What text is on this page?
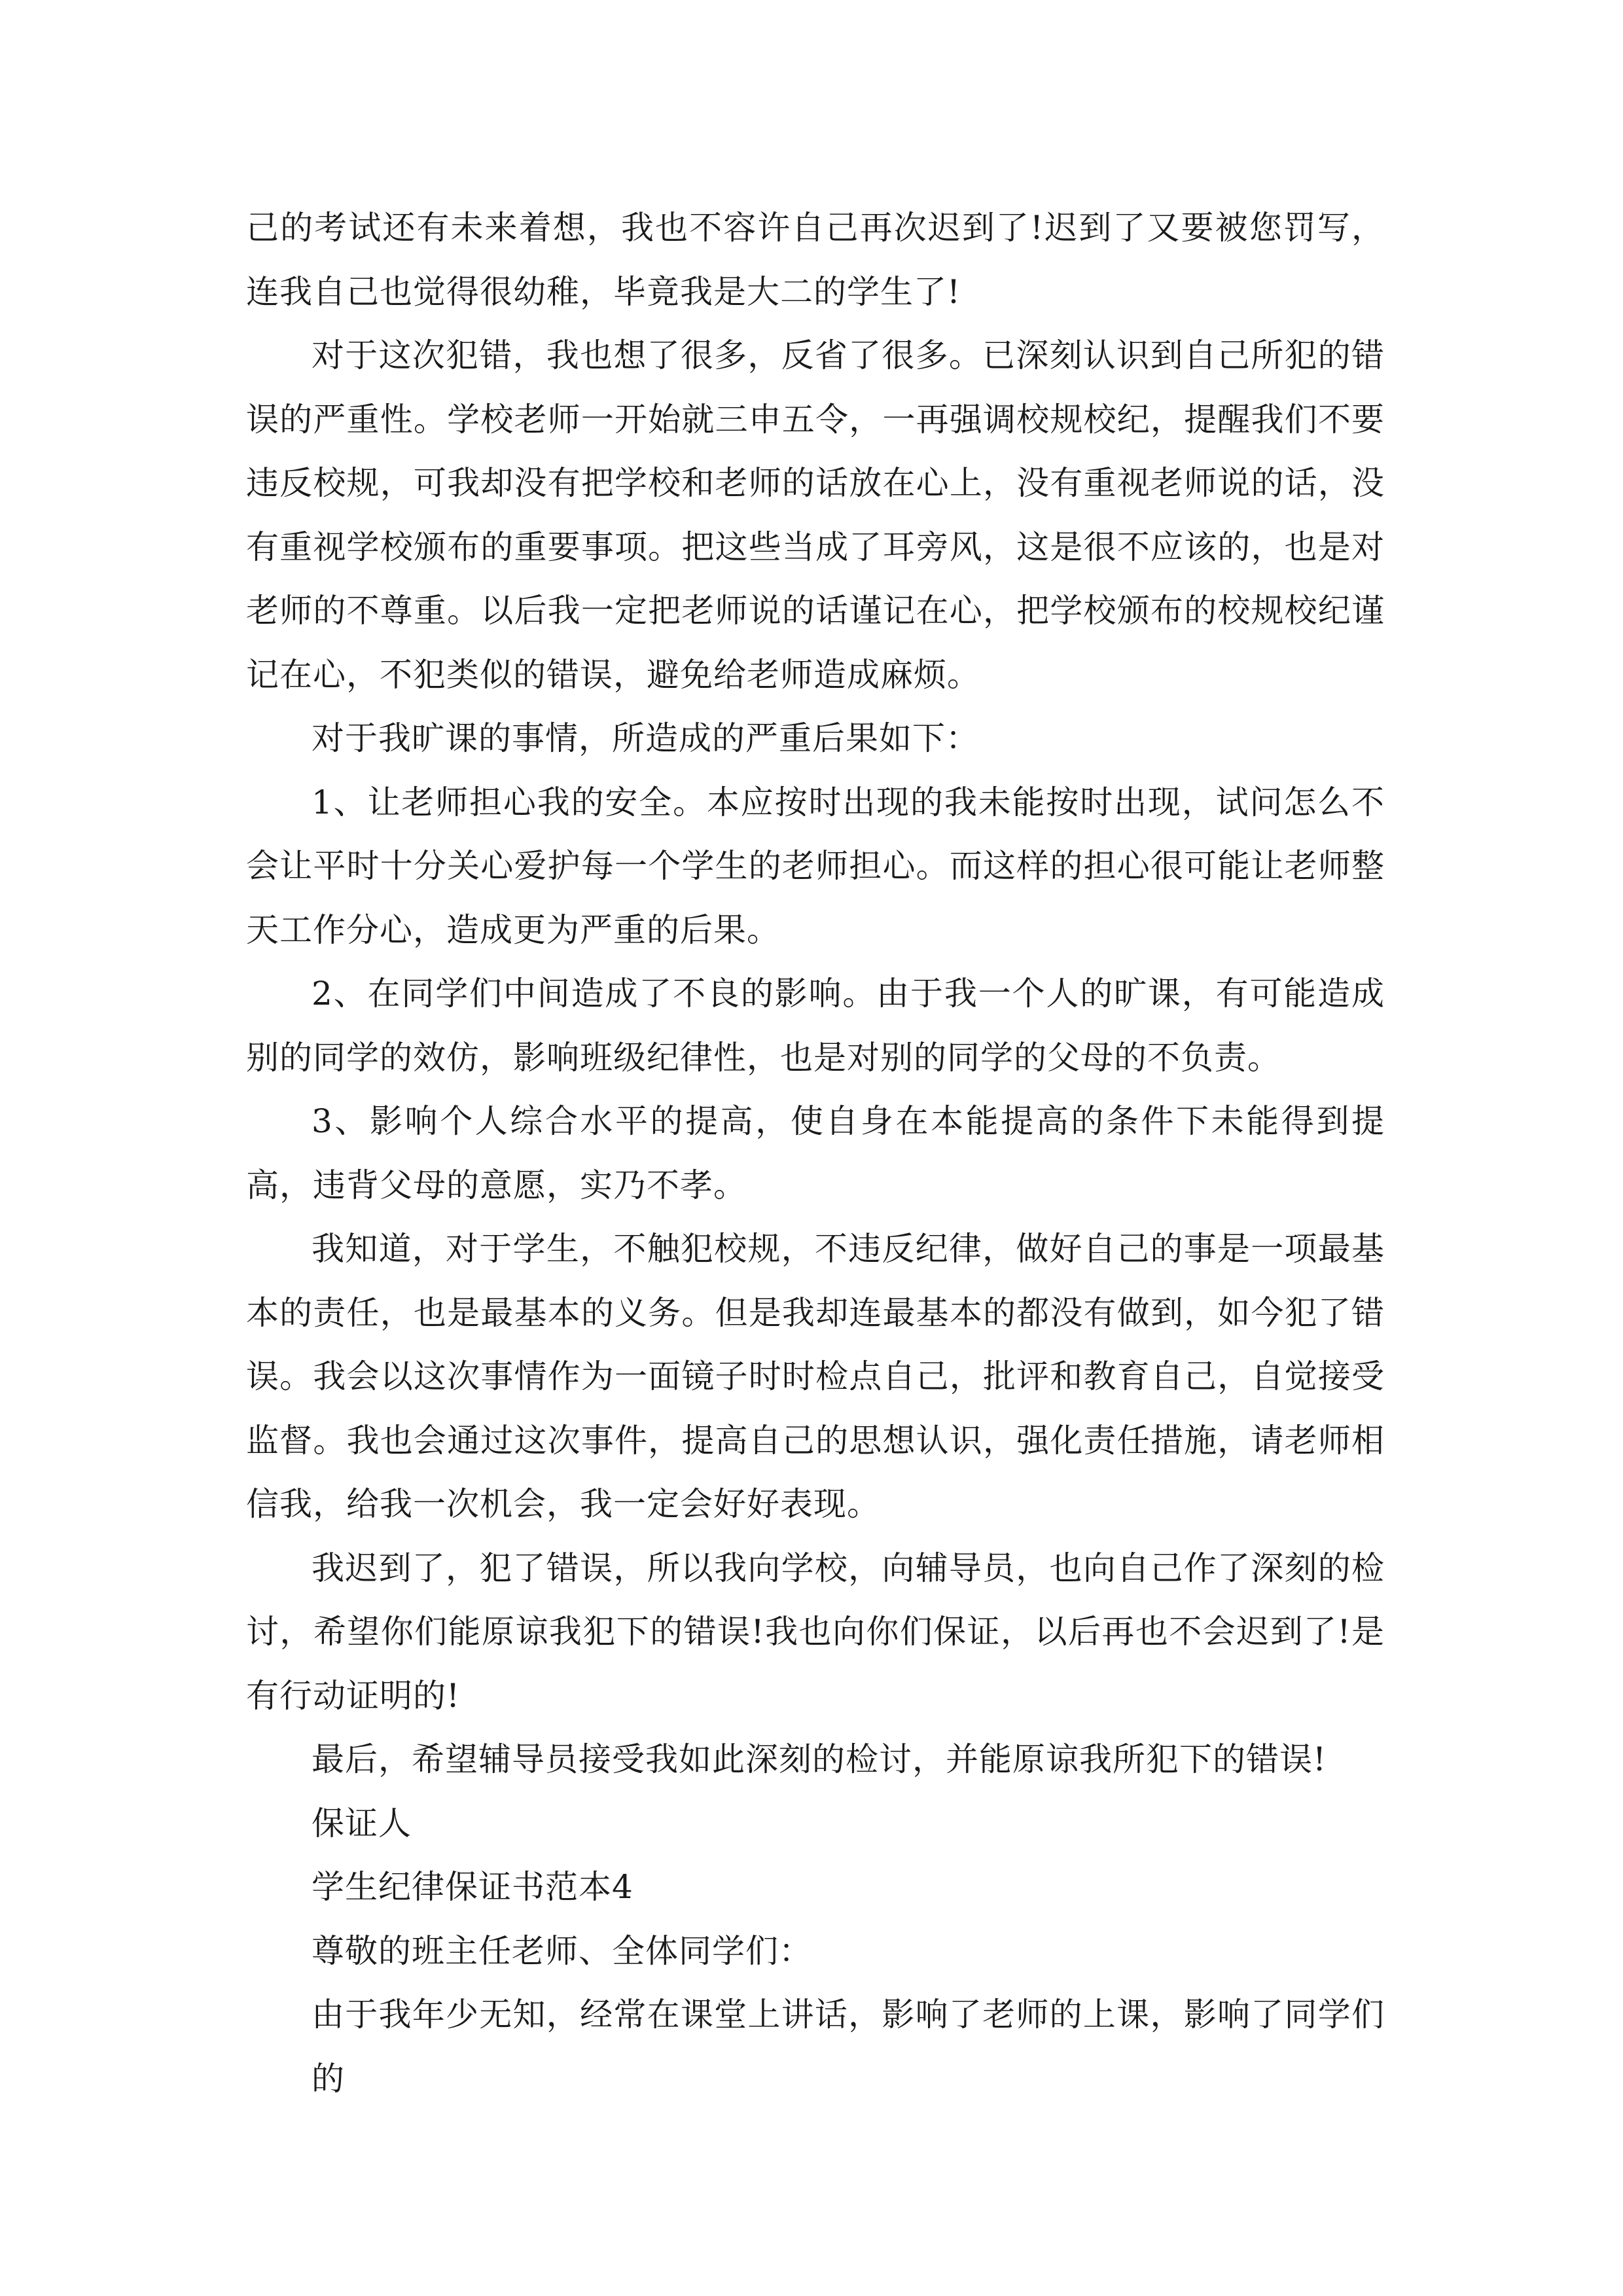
己的考试还有未来着想，我也不容许自己再次迟到了!迟到了又要被您罚写，连我自己也觉得很幼稚，毕竟我是大二的学生了!

对于这次犯错，我也想了很多，反省了很多。已深刻认识到自己所犯的错误的严重性。学校老师一开始就三申五令，一再强调校规校纪，提醒我们不要违反校规，可我却没有把学校和老师的话放在心上，没有重视老师说的话，没有重视学校颁布的重要事项。把这些当成了耳旁风，这是很不应该的，也是对老师的不尊重。以后我一定把老师说的话谨记在心，把学校颁布的校规校纪谨记在心，不犯类似的错误，避免给老师造成麻烦。

对于我旷课的事情，所造成的严重后果如下：

1、让老师担心我的安全。本应按时出现的我未能按时出现，试问怎么不会让平时十分关心爱护每一个学生的老师担心。而这样的担心很可能让老师整天工作分心，造成更为严重的后果。

2、在同学们中间造成了不良的影响。由于我一个人的旷课，有可能造成别的同学的效仿，影响班级纪律性，也是对别的同学的父母的不负责。

3、影响个人综合水平的提高，使自身在本能提高的条件下未能得到提高，违背父母的意愿，实乃不孝。

我知道，对于学生，不触犯校规，不违反纪律，做好自己的事是一项最基本的责任，也是最基本的义务。但是我却连最基本的都没有做到，如今犯了错误。我会以这次事情作为一面镜子时时检点自己，批评和教育自己，自觉接受监督。我也会通过这次事件，提高自己的思想认识，强化责任措施，请老师相信我，给我一次机会，我一定会好好表现。

我迟到了，犯了错误，所以我向学校，向辅导员，也向自己作了深刻的检讨，希望你们能原谅我犯下的错误!我也向你们保证，以后再也不会迟到了!是有行动证明的!

最后，希望辅导员接受我如此深刻的检讨，并能原谅我所犯下的错误!

保证人

学生纪律保证书范本4

尊敬的班主任老师、全体同学们：

由于我年少无知，经常在课堂上讲话，影响了老师的上课，影响了同学们的
